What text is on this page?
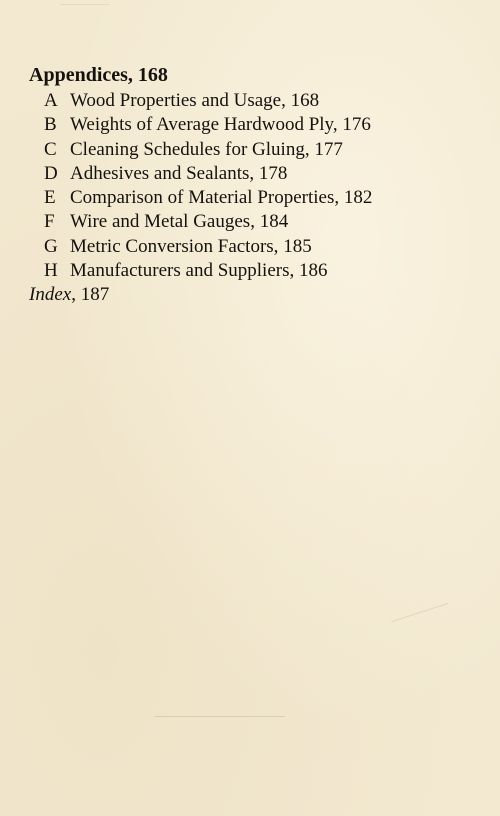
Appendices, 168
A Wood Properties and Usage, 168
B Weights of Average Hardwood Ply, 176
C Cleaning Schedules for Gluing, 177
D Adhesives and Sealants, 178
E Comparison of Material Properties, 182
F Wire and Metal Gauges, 184
G Metric Conversion Factors, 185
H Manufacturers and Suppliers, 186
Index, 187
